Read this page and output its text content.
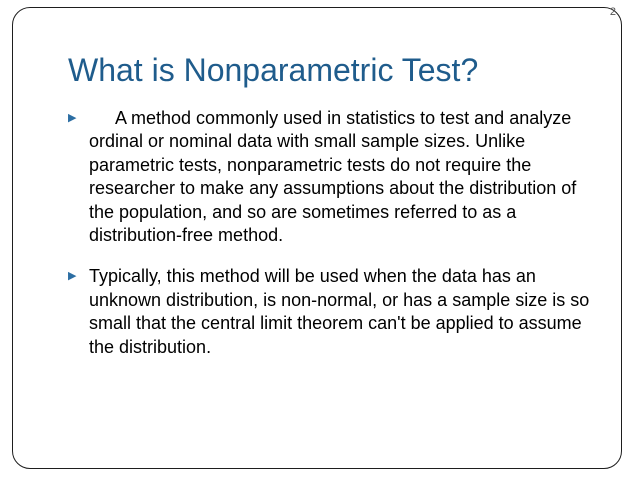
2
What is Nonparametric Test?
▶ A method commonly used in statistics to test and analyze ordinal or nominal data with small sample sizes. Unlike parametric tests, nonparametric tests do not require the researcher to make any assumptions about the distribution of the population, and so are sometimes referred to as a distribution-free method.
▶ Typically, this method will be used when the data has an unknown distribution, is non-normal, or has a sample size is so small that the central limit theorem can't be applied to assume the distribution.
